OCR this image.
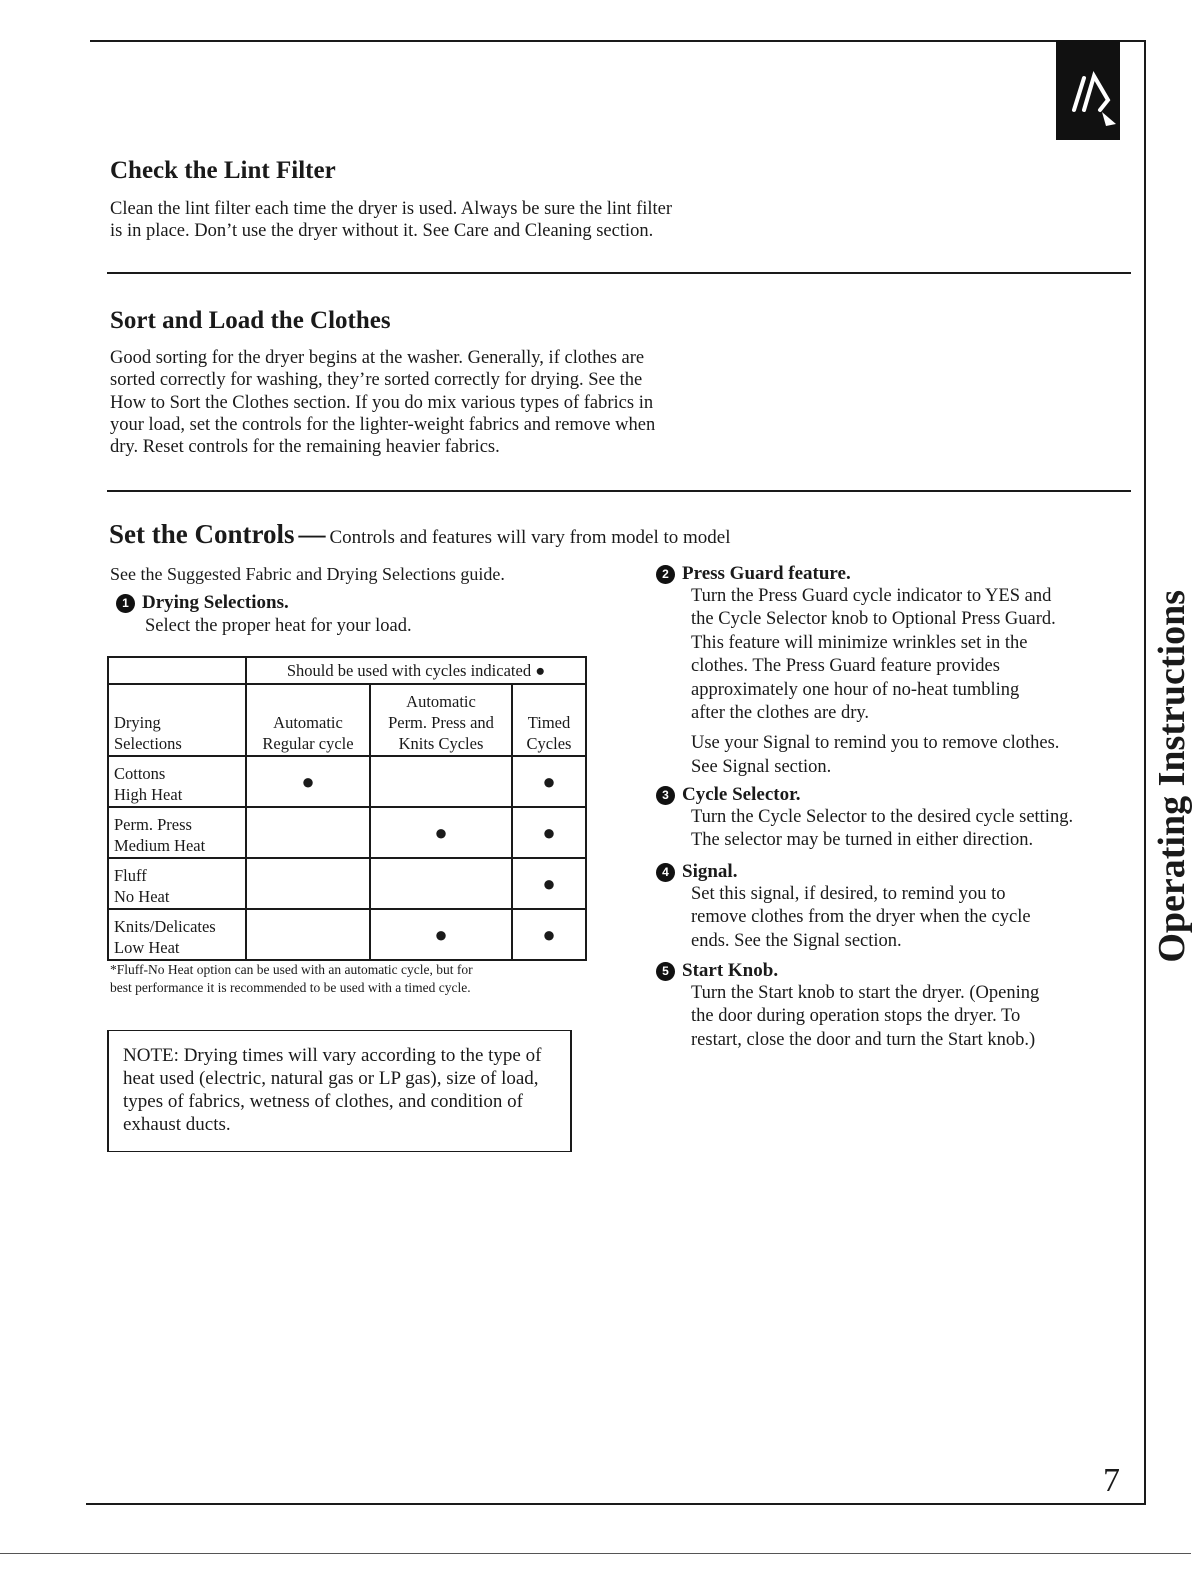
Check the Lint Filter
Clean the lint filter each time the dryer is used. Always be sure the lint filter
is in place. Don’t use the dryer without it. See Care and Cleaning section.
Sort and Load the Clothes
Good sorting for the dryer begins at the washer. Generally, if clothes are
sorted correctly for washing, they’re sorted correctly for drying. See the
How to Sort the Clothes section. If you do mix various types of fabrics in
your load, set the controls for the lighter-weight fabrics and remove when
dry. Reset controls for the remaining heavier fabrics.
Set the Controls — Controls and features will vary from model to model
See the Suggested Fabric and Drying Selections guide.
1 Drying Selections.
Select the proper heat for your load.
	Should be used with cycles indicated ●		

Drying
Selections	Automatic
Regular cycle	Automatic
Perm. Press and
Knits Cycles	Timed
Cycles

Cottons
High Heat	●		●

Perm. Press
Medium Heat		●	●

Fluff
No Heat			●

Knits/Delicates
Low Heat		●	●
*Fluff-No Heat option can be used with an automatic cycle, but for
best performance it is recommended to be used with a timed cycle.
NOTE: Drying times will vary according to the type of heat used (electric, natural gas or LP gas), size of load, types of fabrics, wetness of clothes, and condition of exhaust ducts.
2 Press Guard feature.
Turn the Press Guard cycle indicator to YES and
the Cycle Selector knob to Optional Press Guard.
This feature will minimize wrinkles set in the
clothes. The Press Guard feature provides
approximately one hour of no-heat tumbling
after the clothes are dry.
Use your Signal to remind you to remove clothes.
See Signal section.
3 Cycle Selector.
Turn the Cycle Selector to the desired cycle setting.
The selector may be turned in either direction.
4 Signal.
Set this signal, if desired, to remind you to
remove clothes from the dryer when the cycle
ends. See the Signal section.
5 Start Knob.
Turn the Start knob to start the dryer. (Opening
the door during operation stops the dryer. To
restart, close the door and turn the Start knob.)
Operating Instructions
7
